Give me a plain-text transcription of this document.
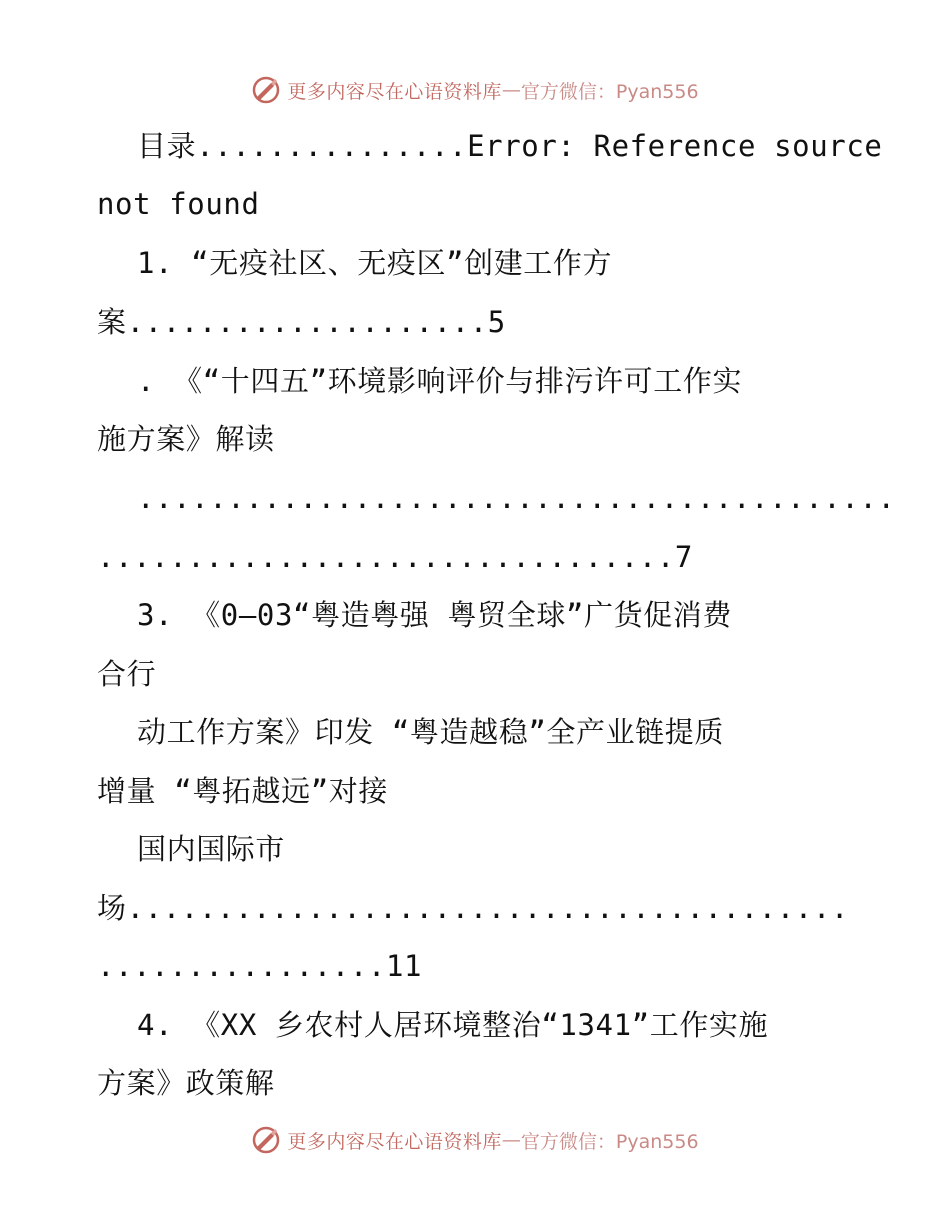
更多内容尽在心语资料库 — 官方微信：Pyan556
目录...............Error: Reference source
not found
1. “无疫社区、无疫区”创建工作方
案....................5
. 《“十四五”环境影响评价与排污许可工作实
施方案》解读
..........................................
................................7
3. 《0—03“粤造粤强 粤贸全球”广货促消费
合行
动工作方案》印发 “粤造越稳”全产业链提质
增量 “粤拓越远”对接
国内国际市
场........................................
................11
4. 《XX 乡农村人居环境整治“1341”工作实施
方案》政策解
更多内容尽在心语资料库 — 官方微信：Pyan556
